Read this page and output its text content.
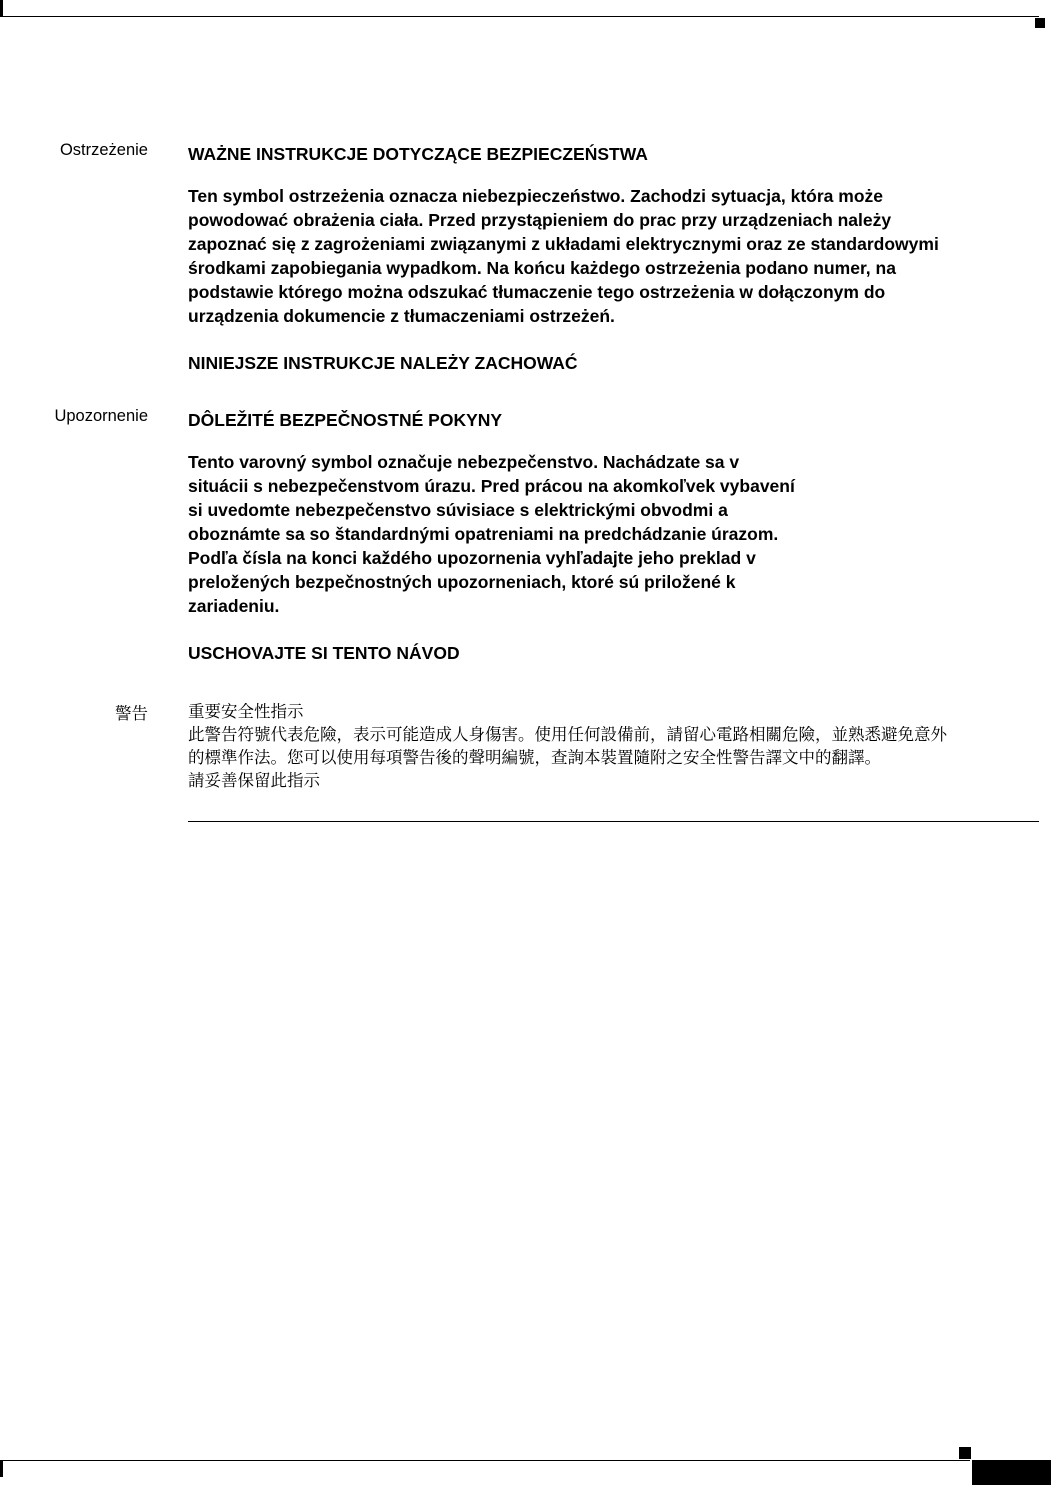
Ostrzeżenie WAŻNE INSTRUKCJE DOTYCZĄCE BEZPIECZEŃSTWA

Ten symbol ostrzeżenia oznacza niebezpieczeństwo. Zachodzi sytuacja, która może

powodować obrażenia ciała. Przed przystąpieniem do prac przy urządzeniach należy

zapoznać się z zagrożeniami związanymi z układami elektrycznymi oraz ze standardowymi

środkami zapobiegania wypadkom. Na końcu każdego ostrzeżenia podano numer, na

podstawie którego można odszukać tłumaczenie tego ostrzeżenia w dołączonym do

urządzenia dokumencie z tłumaczeniami ostrzeżeń.

NINIEJSZE INSTRUKCJE NALEŻY ZACHOWAĆ

Upozornenie DÔLEŽITÉ BEZPEČNOSTNÉ POKYNY

Tento varovný symbol označuje nebezpečenstvo. Nachádzate sa v

situácii s nebezpečenstvom úrazu. Pred prácou na akomkoľvek vybavení

si uvedomte nebezpečenstvo súvisiace s elektrickými obvodmi a

oboznámte sa so štandardnými opatreniami na predchádzanie úrazom.

Podľa čísla na konci každého upozornenia vyhľadajte jeho preklad v

preložených bezpečnostných upozorneniach, ktoré sú priložené k

zariadeniu.

USCHOVAJTE SI TENTO NÁVOD

警告 重要安全性指示

此警告符號代表危險，表示可能造成人身傷害。使用任何設備前，請留心電路相關危險，並熟悉避免意外

的標準作法。您可以使用每項警告後的聲明編號，查詢本裝置隨附之安全性警告譯文中的翻譯。

請妥善保留此指示
